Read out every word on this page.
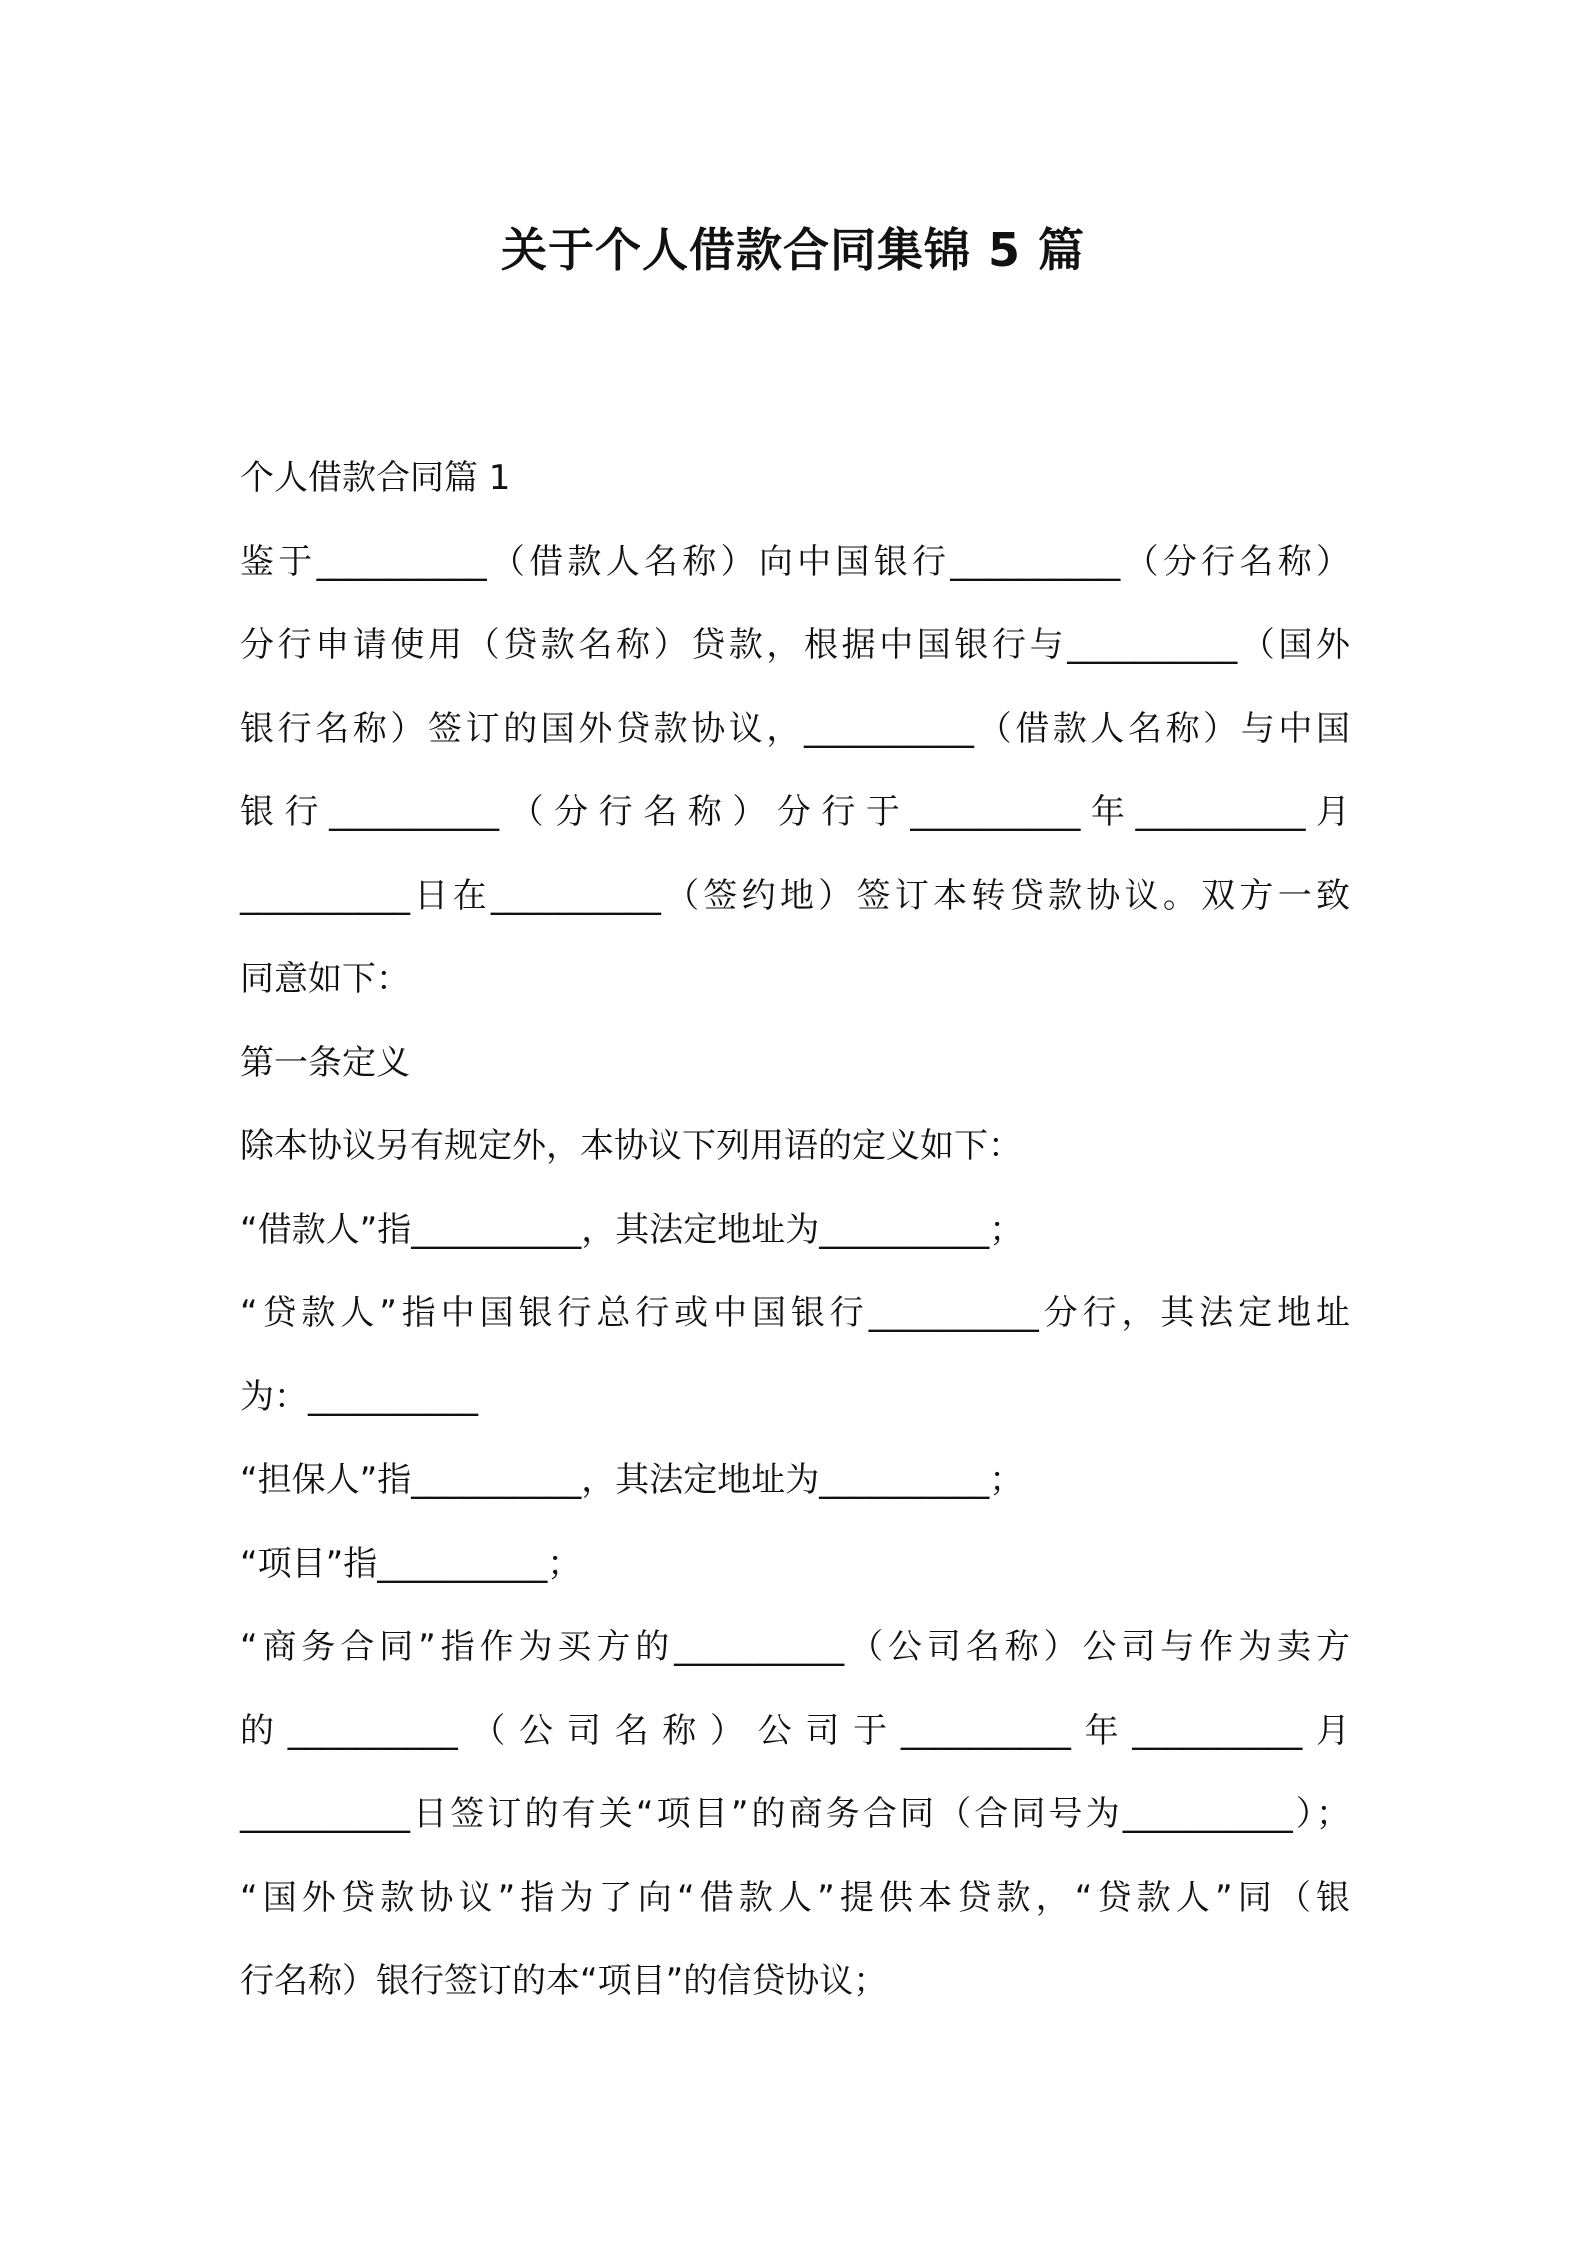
关于个人借款合同集锦 5 篇

个人借款合同篇 1

鉴于__________（借款人名称）向中国银行__________（分行名称）

分行申请使用（贷款名称）贷款，根据中国银行与__________（国外

银行名称）签订的国外贷款协议，__________（借款人名称）与中国

银行__________（分行名称）分行于__________年__________月

__________日在__________（签约地）签订本转贷款协议。双方一致

同意如下：

第一条定义

除本协议另有规定外，本协议下列用语的定义如下：

“借款人”指__________，其法定地址为__________；

“贷款人”指中国银行总行或中国银行__________分行，其法定地址

为：__________

“担保人”指__________，其法定地址为__________；

“项目”指__________；

“商务合同”指作为买方的__________（公司名称）公司与作为卖方

的__________（公司名称）公司于__________年__________月

__________日签订的有关“项目”的商务合同（合同号为__________）；

“国外贷款协议”指为了向“借款人”提供本贷款，“贷款人”同（银

行名称）银行签订的本“项目”的信贷协议；
